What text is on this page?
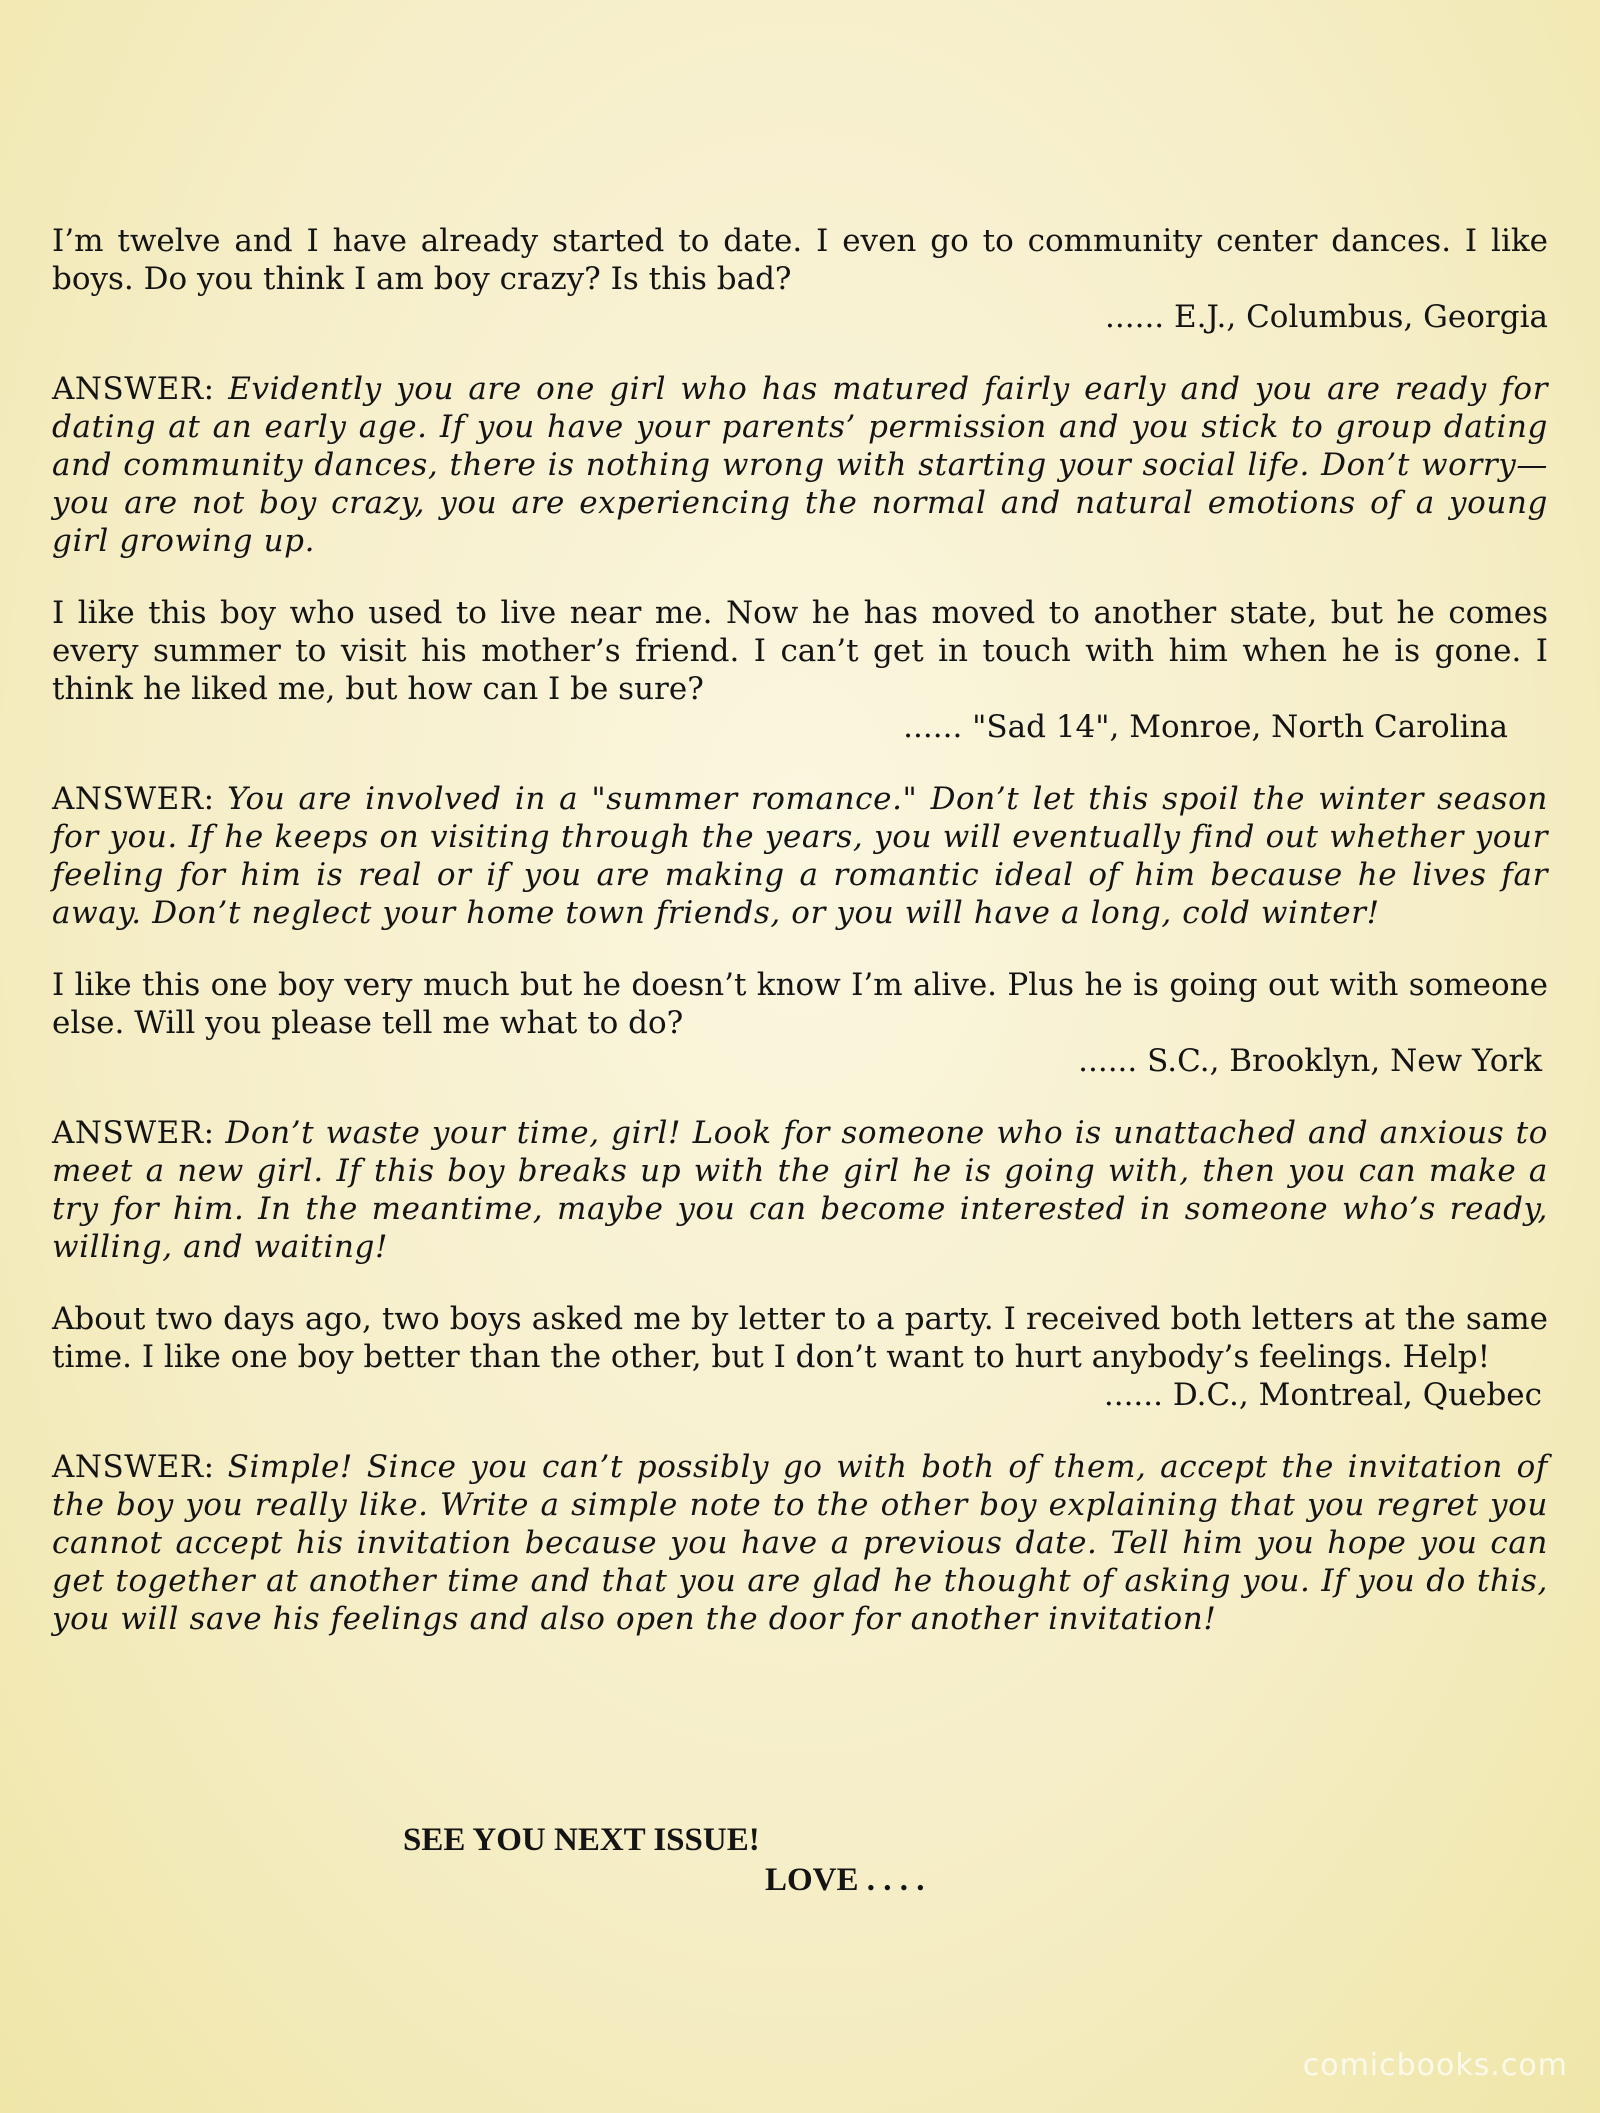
I’m twelve and I have already started to date. I even go to community center dances. I like boys. Do you think I am boy crazy? Is this bad?

...... E.J., Columbus, Georgia

ANSWER: Evidently you are one girl who has matured fairly early and you are ready for dating at an early age. If you have your parents’ permission and you stick to group dating and community dances, there is nothing wrong with starting your social life. Don’t worry—you are not boy crazy, you are experiencing the normal and natural emotions of a young girl growing up.

I like this boy who used to live near me. Now he has moved to another state, but he comes every summer to visit his mother’s friend. I can’t get in touch with him when he is gone. I think he liked me, but how can I be sure?

...... "Sad 14", Monroe, North Carolina

ANSWER: You are involved in a "summer romance." Don’t let this spoil the winter season for you. If he keeps on visiting through the years, you will eventually find out whether your feeling for him is real or if you are making a romantic ideal of him because he lives far away. Don’t neglect your home town friends, or you will have a long, cold winter!

I like this one boy very much but he doesn’t know I’m alive. Plus he is going out with someone else. Will you please tell me what to do?

...... S.C., Brooklyn, New York

ANSWER: Don’t waste your time, girl! Look for someone who is unattached and anxious to meet a new girl. If this boy breaks up with the girl he is going with, then you can make a try for him. In the meantime, maybe you can become interested in someone who’s ready, willing, and waiting!

About two days ago, two boys asked me by letter to a party. I received both letters at the same time. I like one boy better than the other, but I don’t want to hurt anybody’s feelings. Help!

...... D.C., Montreal, Quebec

ANSWER: Simple! Since you can’t possibly go with both of them, accept the invitation of the boy you really like. Write a simple note to the other boy explaining that you regret you cannot accept his invitation because you have a previous date. Tell him you hope you can get together at another time and that you are glad he thought of asking you. If you do this, you will save his feelings and also open the door for another invitation!

SEE YOU NEXT ISSUE!
LOVE . . . .
comicbooks.com
